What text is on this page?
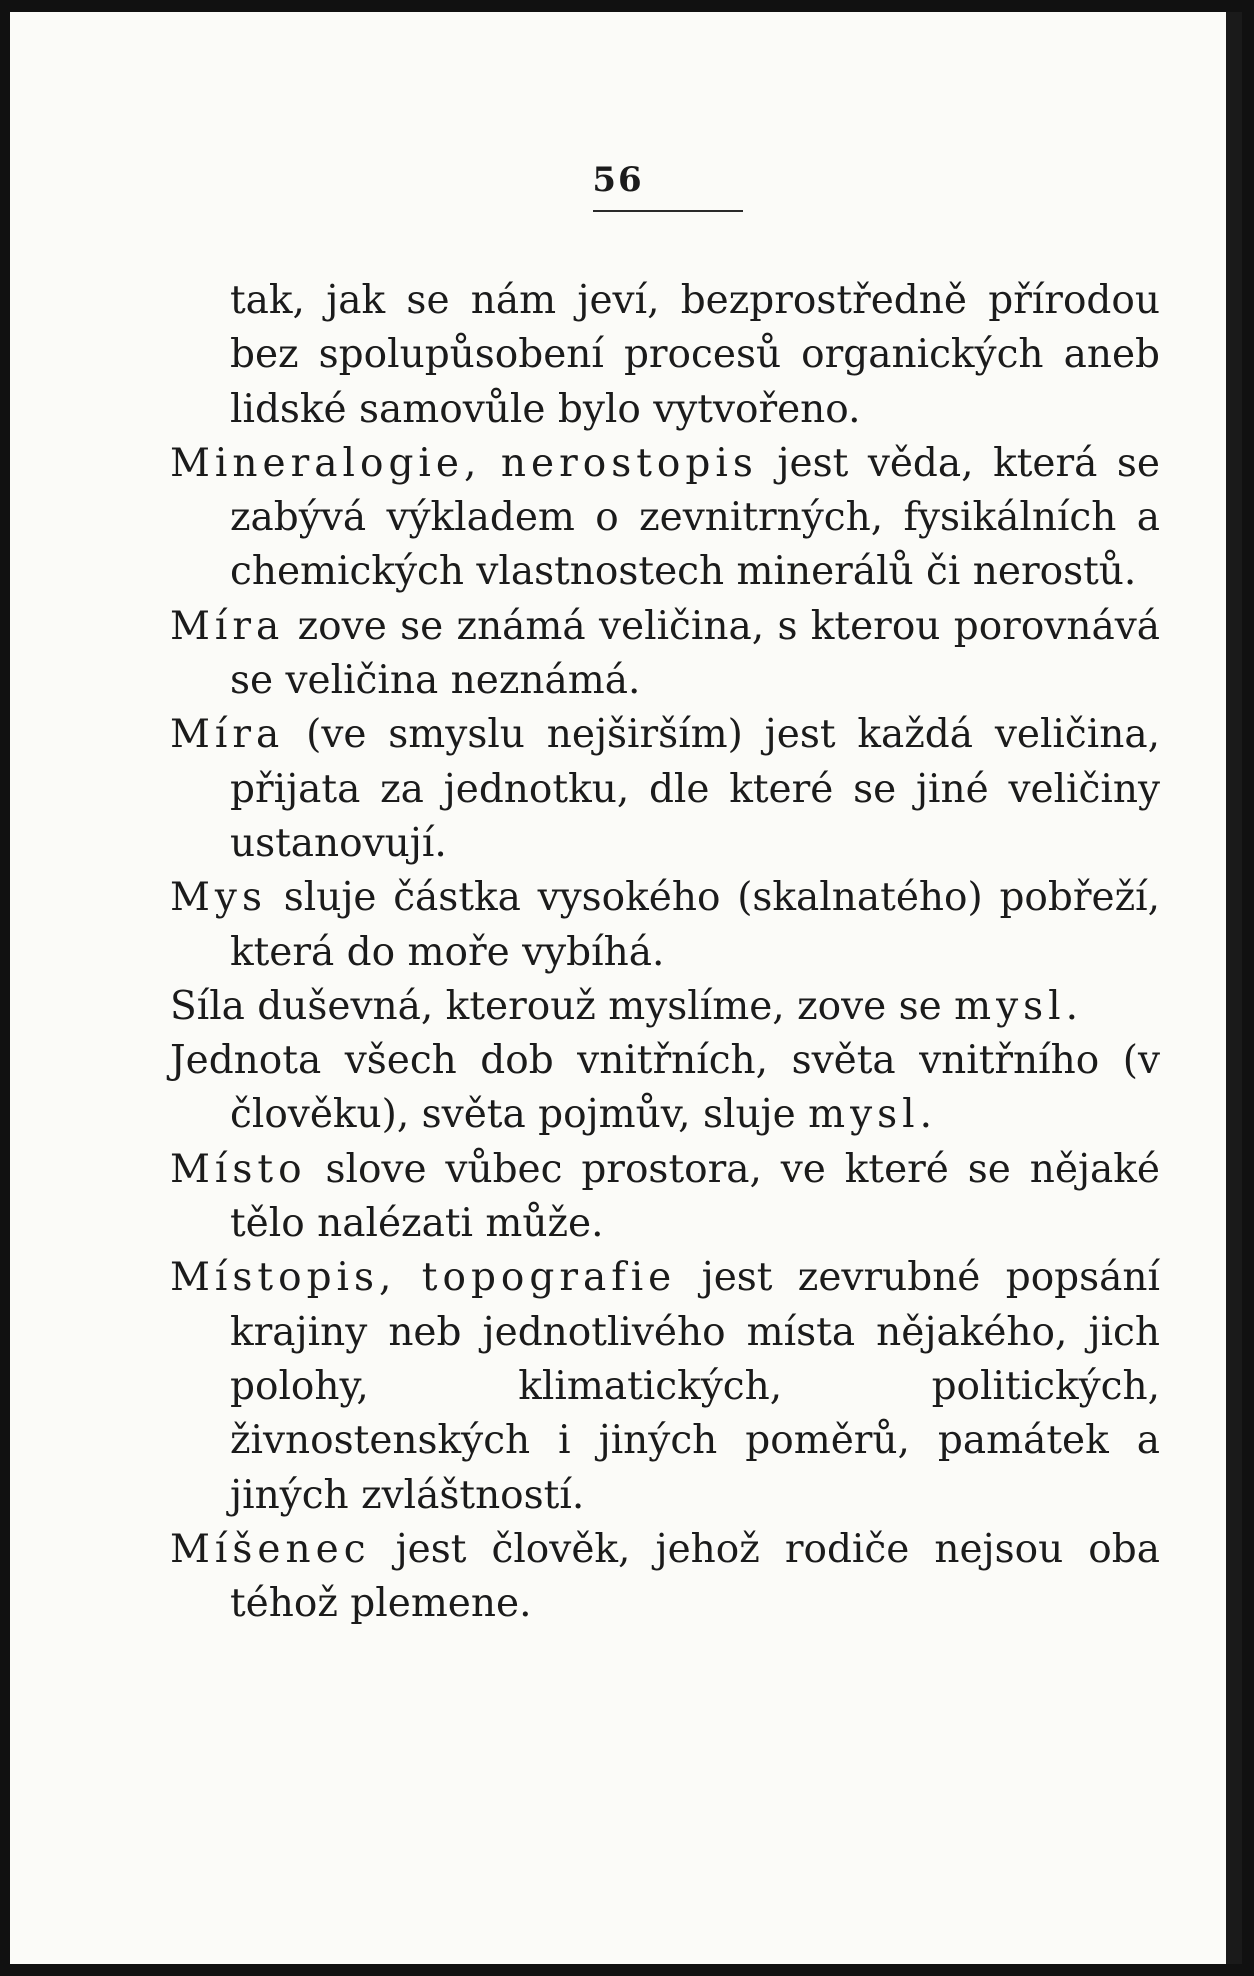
56

tak, jak se nám jeví, bezprostředně přírodou bez spolupůsobení procesů organických aneb lidské samovůle bylo vytvořeno.

Mineralogie, nerostopis jest věda, která se zabývá výkladem o zevnitrných, fysikálních a chemických vlastnostech minerálů či nerostů.

Míra zove se známá veličina, s kterou porovnává se veličina neznámá.

Míra (ve smyslu nejširším) jest každá veličina, přijata za jednotku, dle které se jiné veličiny ustanovují.

Mys sluje částka vysokého (skalnatého) pobřeží, která do moře vybíhá.

Síla duševná, kterouž myslíme, zove se mysl.

Jednota všech dob vnitřních, světa vnitřního (v člověku), světa pojmův, sluje mysl.

Místo slove vůbec prostora, ve které se nějaké tělo nalézati může.

Místopis, topografie jest zevrubné popsání krajiny neb jednotlivého místa nějakého, jich polohy, klimatických, politických, živnostenských i jiných poměrů, památek a jiných zvláštností.

Míšenec jest člověk, jehož rodiče nejsou oba téhož plemene.
